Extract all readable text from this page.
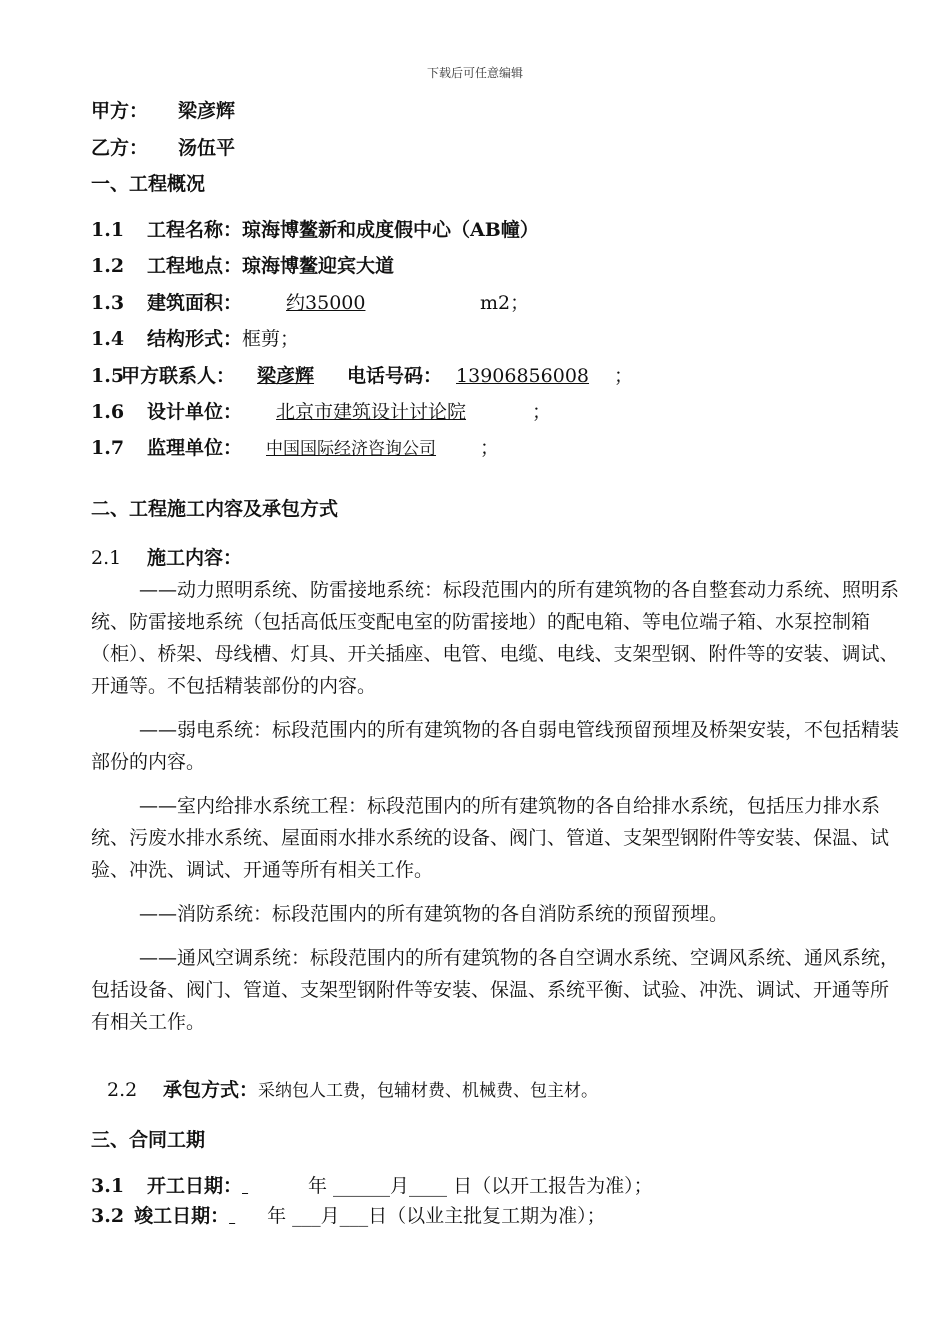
下载后可任意编辑
甲方： 梁彦辉
乙方： 汤伍平
一、工程概况
1.1 工程名称：琼海博鳌新和成度假中心（AB幢）
1.2 工程地点：琼海博鳌迎宾大道
1.3 建筑面积： 约35000	m2；
1.4 结构形式：框剪；
1.5甲方联系人： 梁彦辉 电话号码： 13906856008 ；
1.6 设计单位： 北京市建筑设计讨论院	；
1.7 监理单位： 中国国际经济咨询公司 ；
二、工程施工内容及承包方式
2.1 施工内容：

——动力照明系统、防雷接地系统：标段范围内的所有建筑物的各自整套动力系统、照明系统、防雷接地系统（包括高低压变配电室的防雷接地）的配电箱、等电位端子箱、水泵控制箱（柜）、桥架、母线槽、灯具、开关插座、电管、电缆、电线、支架型钢、附件等的安装、调试、开通等。不包括精装部份的内容。

——弱电系统：标段范围内的所有建筑物的各自弱电管线预留预埋及桥架安装，不包括精装部份的内容。

——室内给排水系统工程：标段范围内的所有建筑物的各自给排水系统，包括压力排水系统、污废水排水系统、屋面雨水排水系统的设备、阀门、管道、支架型钢附件等安装、保温、试验、冲洗、调试、开通等所有相关工作。

——消防系统：标段范围内的所有建筑物的各自消防系统的预留预埋。

——通风空调系统：标段范围内的所有建筑物的各自空调水系统、空调风系统、通风系统，包括设备、阀门、管道、支架型钢附件等安装、保温、系统平衡、试验、冲洗、调试、开通等所有相关工作。

2.2 承包方式：采纳包人工费，包辅材费、机械费、包主材。
三、合同工期
3.1 开工日期：	年 ______月____ 日（以开工报告为准）；
3.2 竣工日期： 年 ___月___日（以业主批复工期为准）；
